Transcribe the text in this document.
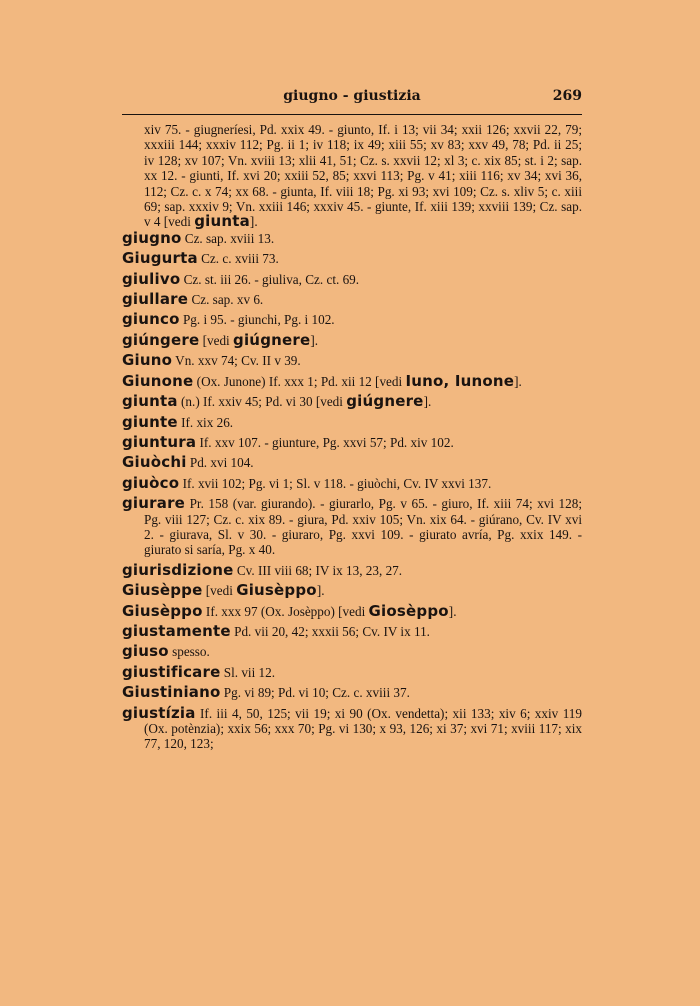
giugno - giustizia	269
xiv 75. - giugneríesi, Pd. xxix 49. - giunto, If. i 13; vii 34; xxii 126; xxvii 22, 79; xxxiii 144; xxxiv 112; Pg. ii 1; iv 118; ix 49; xiii 55; xv 83; xxv 49, 78; Pd. ii 25; iv 128; xv 107; Vn. xviii 13; xlii 41, 51; Cz. s. xxvii 12; xl 3; c. xix 85; st. i 2; sap. xx 12. - giunti, If. xvi 20; xxiii 52, 85; xxvi 113; Pg. v 41; xiii 116; xv 34; xvi 36, 112; Cz. c. x 74; xx 68. - giunta, If. viii 18; Pg. xi 93; xvi 109; Cz. s. xliv 5; c. xiii 69; sap. xxxiv 9; Vn. xxiii 146; xxxiv 45. - giunte, If. xiii 139; xxviii 139; Cz. sap. v 4 [vedi giunta].
giugno Cz. sap. xviii 13.
Giugurta Cz. c. xviii 73.
giulivo Cz. st. iii 26. - giuliva, Cz. ct. 69.
giullare Cz. sap. xv 6.
giunco Pg. i 95. - giunchi, Pg. i 102.
giúngere [vedi giúgnere].
Giuno Vn. xxv 74; Cv. II v 39.
Giunone (Ox. Junone) If. xxx 1; Pd. xii 12 [vedi Iuno, Iunone].
giunta (n.) If. xxiv 45; Pd. vi 30 [vedi giúgnere].
giunte If. xix 26.
giuntura If. xxv 107. - giunture, Pg. xxvi 57; Pd. xiv 102.
Giuòchi Pd. xvi 104.
giuòco If. xvii 102; Pg. vi 1; Sl. v 118. - giuòchi, Cv. IV xxvi 137.
giurare Pr. 158 (var. giurando). - giurarlo, Pg. v 65. - giuro, If. xiii 74; xvi 128; Pg. viii 127; Cz. c. xix 89. - giura, Pd. xxiv 105; Vn. xix 64. - giúrano, Cv. IV xvi 2. - giurava, Sl. v 30. - giuraro, Pg. xxvi 109. - giurato avría, Pg. xxix 149. - giurato si saría, Pg. x 40.
giurisdizione Cv. III viii 68; IV ix 13, 23, 27.
Giusèppe [vedi Giusèppo].
Giusèppo If. xxx 97 (Ox. Josèppo) [vedi Giosèppo].
giustamente Pd. vii 20, 42; xxxii 56; Cv. IV ix 11.
giuso spesso.
giustificare Sl. vii 12.
Giustiniano Pg. vi 89; Pd. vi 10; Cz. c. xviii 37.
giustízia If. iii 4, 50, 125; vii 19; xi 90 (Ox. vendetta); xii 133; xiv 6; xxiv 119 (Ox. potènzia); xxix 56; xxx 70; Pg. vi 130; x 93, 126; xi 37; xvi 71; xviii 117; xix 77, 120, 123;
